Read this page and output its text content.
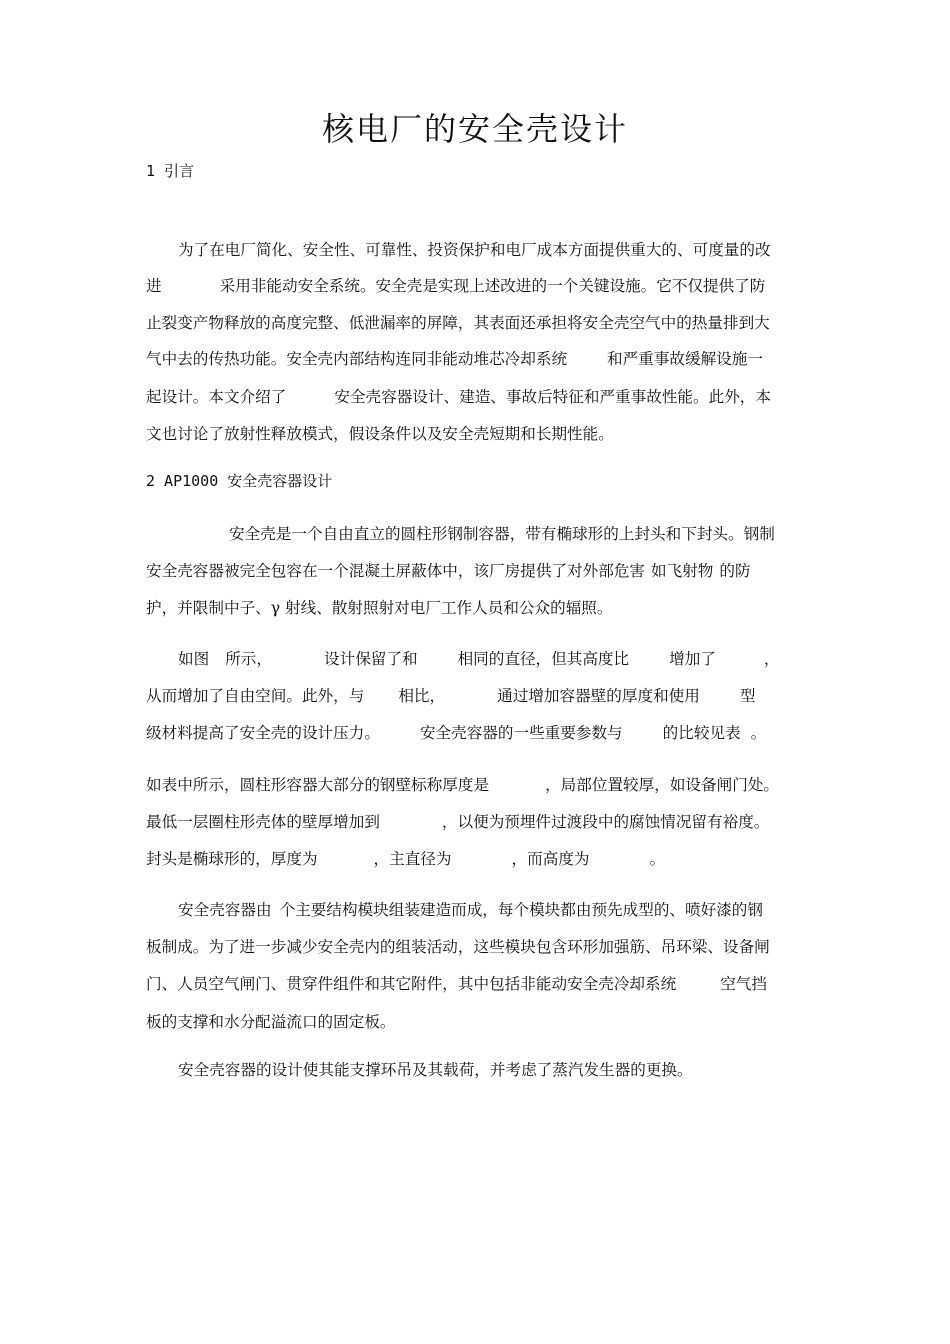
核电厂的安全壳设计
1 引言

为了在电厂简化、安全性、可靠性、投资保护和电厂成本方面提供重大的、可度量的改

进	采用非能动安全系统。安全壳是实现上述改进的一个关键设施。它不仅提供了防

止裂变产物释放的高度完整、低泄漏率的屏障，其表面还承担将安全壳空气中的热量排到大

气中去的传热功能。安全壳内部结构连同非能动堆芯冷却系统	和严重事故缓解设施一

起设计。本文介绍了	安全壳容器设计、建造、事故后特征和严重事故性能。此外，本

文也讨论了放射性释放模式，假设条件以及安全壳短期和长期性能。

2 AP1000 安全壳容器设计

安全壳是一个自由直立的圆柱形钢制容器，带有椭球形的上封头和下封头。钢制

安全壳容器被完全包容在一个混凝土屏蔽体中，该厂房提供了对外部危害 如飞射物 的防

护，并限制中子、γ 射线、散射照射对电厂工作人员和公众的辐照。

如图 所示，	设计保留了和	相同的直径，但其高度比	增加了	，

从而增加了自由空间。此外，与 相比，	通过增加容器壁的厚度和使用	型

级材料提高了安全壳的设计压力。	安全壳容器的一些重要参数与	的比较见表 。

如表中所示，圆柱形容器大部分的钢壁标称厚度是	，局部位置较厚，如设备闸门处。

最低一层圈柱形壳体的壁厚增加到	，以便为预埋件过渡段中的腐蚀情况留有裕度。

封头是椭球形的，厚度为	，主直径为	，而高度为	。

安全壳容器由 个主要结构模块组装建造而成，每个模块都由预先成型的、喷好漆的钢

板制成。为了进一步减少安全壳内的组装活动，这些模块包含环形加强筋、吊环梁、设备闸

门、人员空气闸门、贯穿件组件和其它附件，其中包括非能动安全壳冷却系统	空气挡

板的支撑和水分配溢流口的固定板。

安全壳容器的设计使其能支撑环吊及其载荷，并考虑了蒸汽发生器的更换。
